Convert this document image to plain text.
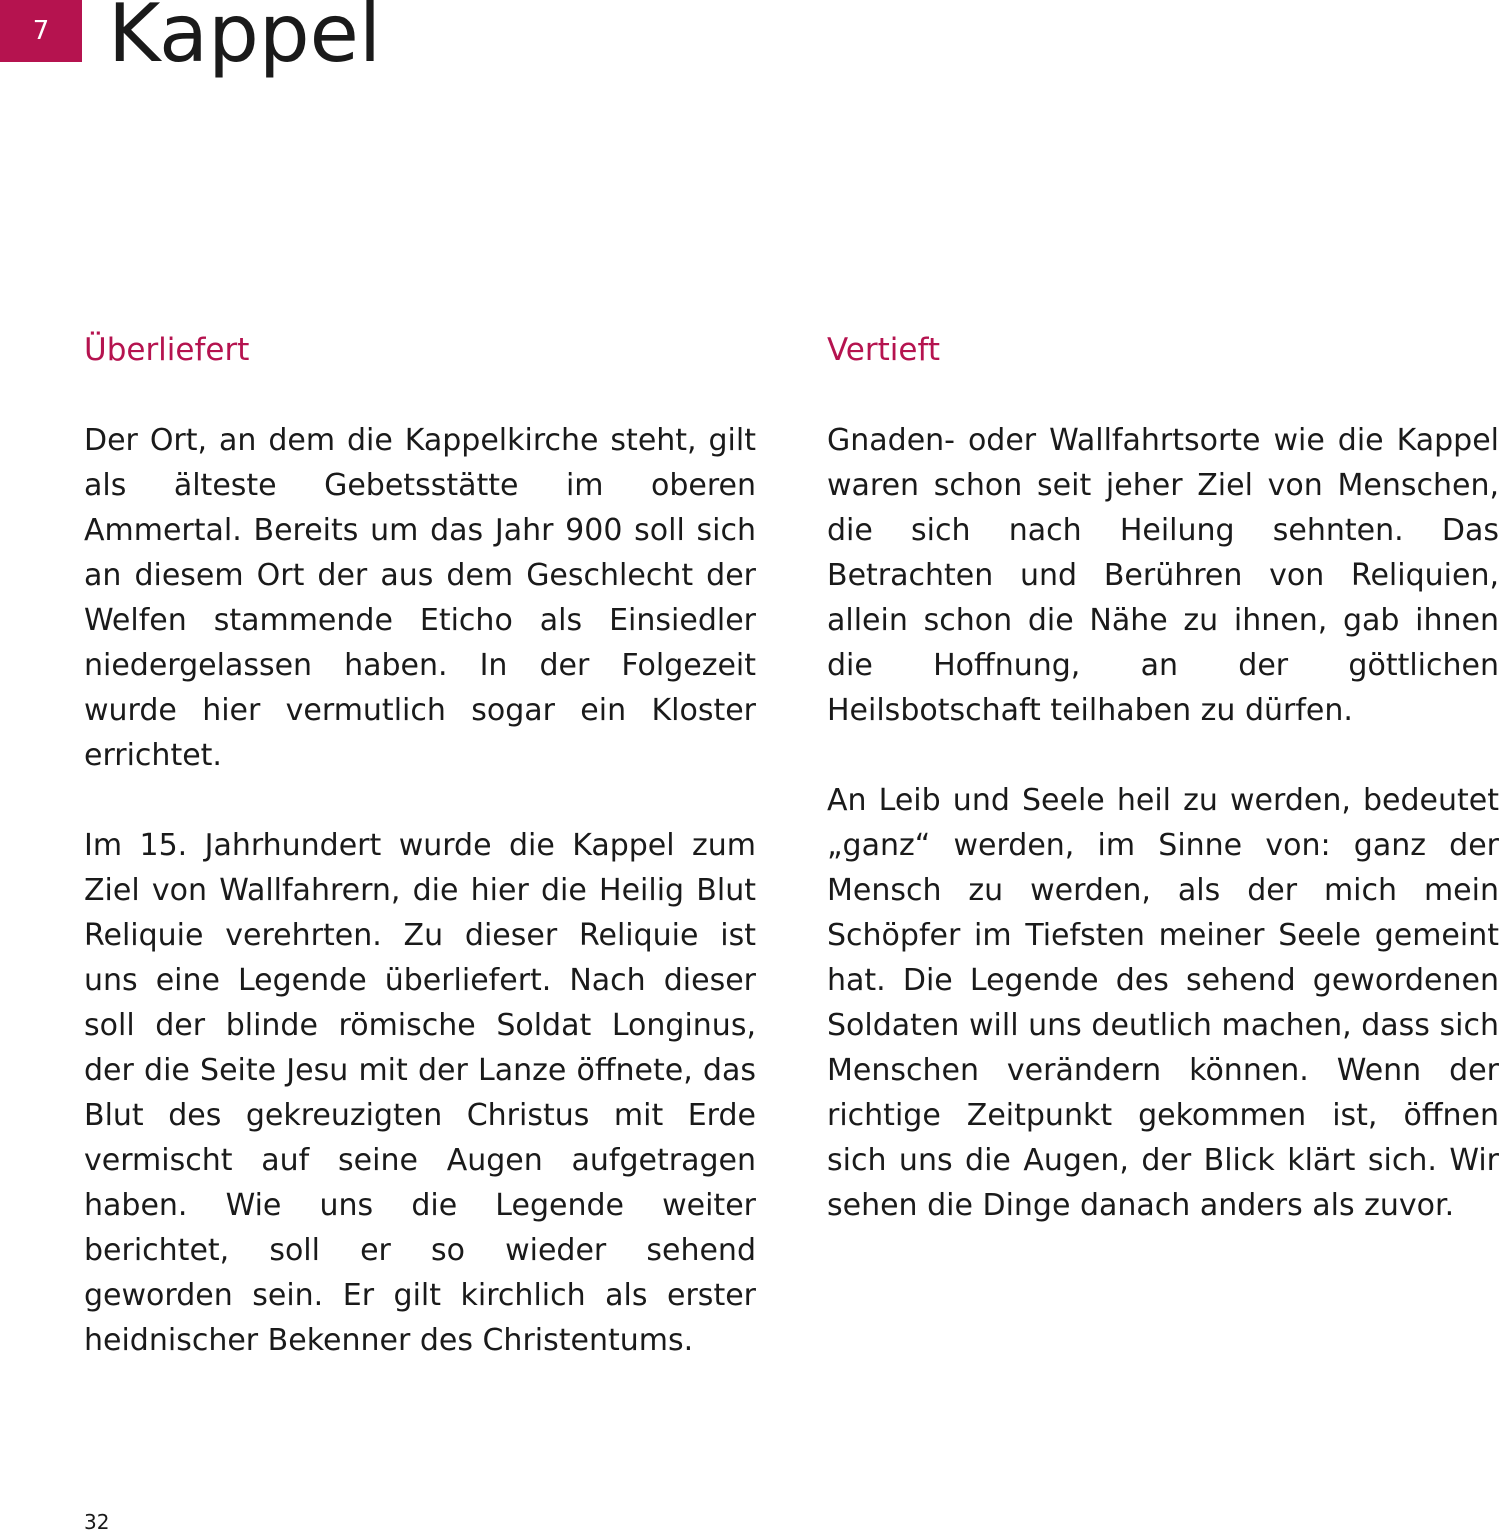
7 Kappel
Überliefert

Der Ort, an dem die Kappelkirche steht, gilt als älteste Gebetsstätte im oberen Ammertal. Bereits um das Jahr 900 soll sich an diesem Ort der aus dem Geschlecht der Welfen stammende Eticho als Einsiedler niedergelassen haben. In der Folgezeit wurde hier vermutlich sogar ein Kloster errichtet.

Im 15. Jahrhundert wurde die Kappel zum Ziel von Wallfahrern, die hier die Heilig Blut Reliquie verehrten. Zu dieser Reliquie ist uns eine Legende überliefert. Nach dieser soll der blinde römische Soldat Longinus, der die Seite Jesu mit der Lanze öffnete, das Blut des gekreuzigten Christus mit Erde vermischt auf seine Augen aufgetragen haben. Wie uns die Legende weiter berichtet, soll er so wieder sehend geworden sein. Er gilt kirchlich als erster heidnischer Bekenner des Christentums.

Vertieft

Gnaden- oder Wallfahrtsorte wie die Kappel waren schon seit jeher Ziel von Menschen, die sich nach Heilung sehnten. Das Betrachten und Berühren von Reliquien, allein schon die Nähe zu ihnen, gab ihnen die Hoffnung, an der göttlichen Heilsbotschaft teilhaben zu dürfen.

An Leib und Seele heil zu werden, bedeutet „ganz“ werden, im Sinne von: ganz der Mensch zu werden, als der mich mein Schöpfer im Tiefsten meiner Seele gemeint hat. Die Legende des sehend gewordenen Soldaten will uns deutlich machen, dass sich Menschen verändern können. Wenn der richtige Zeitpunkt gekommen ist, öffnen sich uns die Augen, der Blick klärt sich. Wir sehen die Dinge danach anders als zuvor.

32
